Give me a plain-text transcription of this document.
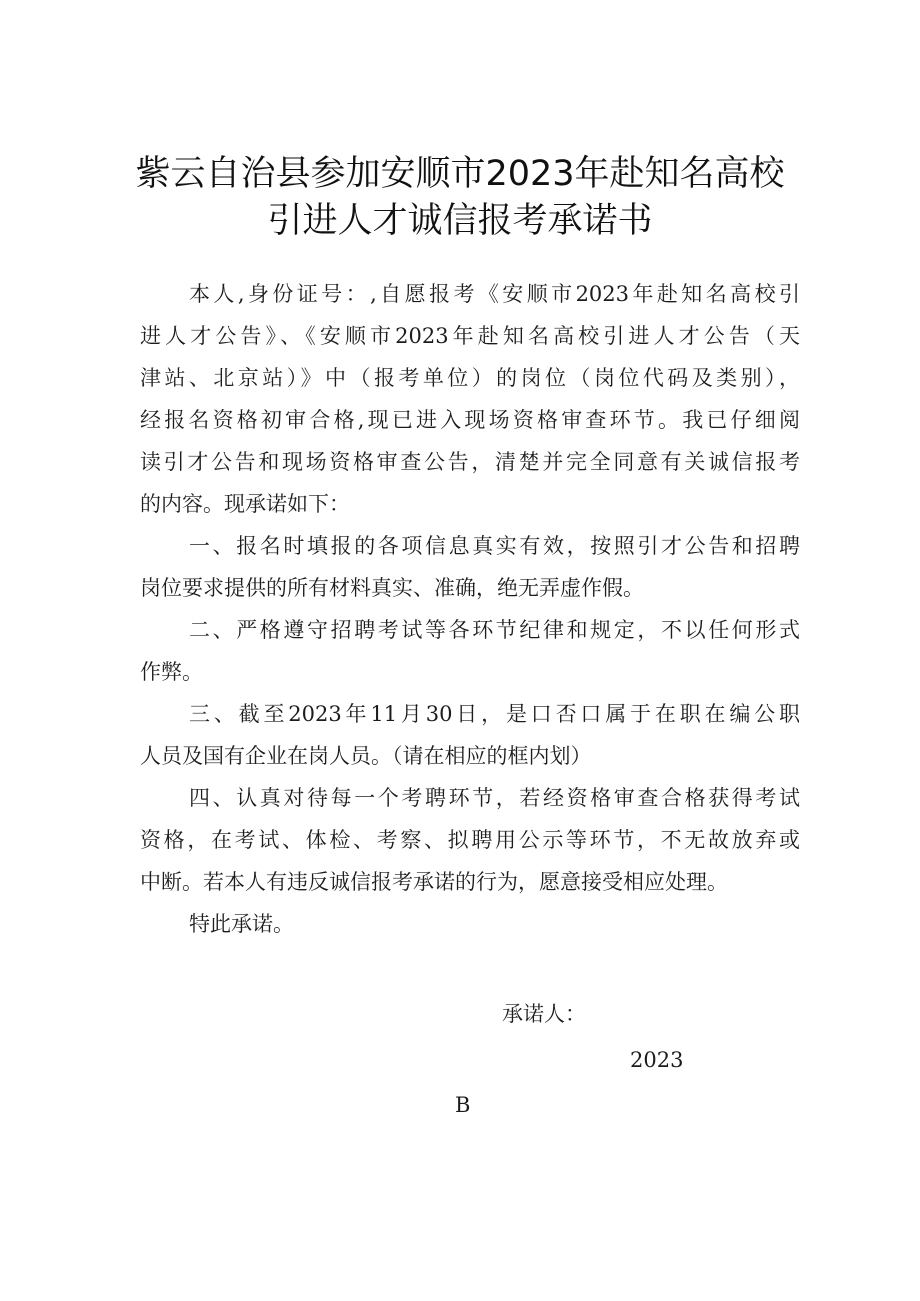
紫云自治县参加安顺市2023年赴知名高校
引进人才诚信报考承诺书
本人,身份证号：,自愿报考《安顺市2023年赴知名高校引
进人才公告》、《安顺市2023年赴知名高校引进人才公告（天
津站、北京站）》中（报考单位）的岗位（岗位代码及类别），
经报名资格初审合格,现已进入现场资格审查环节。我已仔细阅
读引才公告和现场资格审查公告，清楚并完全同意有关诚信报考
的内容。现承诺如下：
一、报名时填报的各项信息真实有效，按照引才公告和招聘
岗位要求提供的所有材料真实、准确，绝无弄虚作假。
二、严格遵守招聘考试等各环节纪律和规定，不以任何形式
作弊。
三、截至2023年11月30日，是口否口属于在职在编公职
人员及国有企业在岗人员。（请在相应的框内划）
四、认真对待每一个考聘环节，若经资格审查合格获得考试
资格，在考试、体检、考察、拟聘用公示等环节，不无故放弃或
中断。若本人有违反诚信报考承诺的行为，愿意接受相应处理。
特此承诺。
承诺人：
2023
B
